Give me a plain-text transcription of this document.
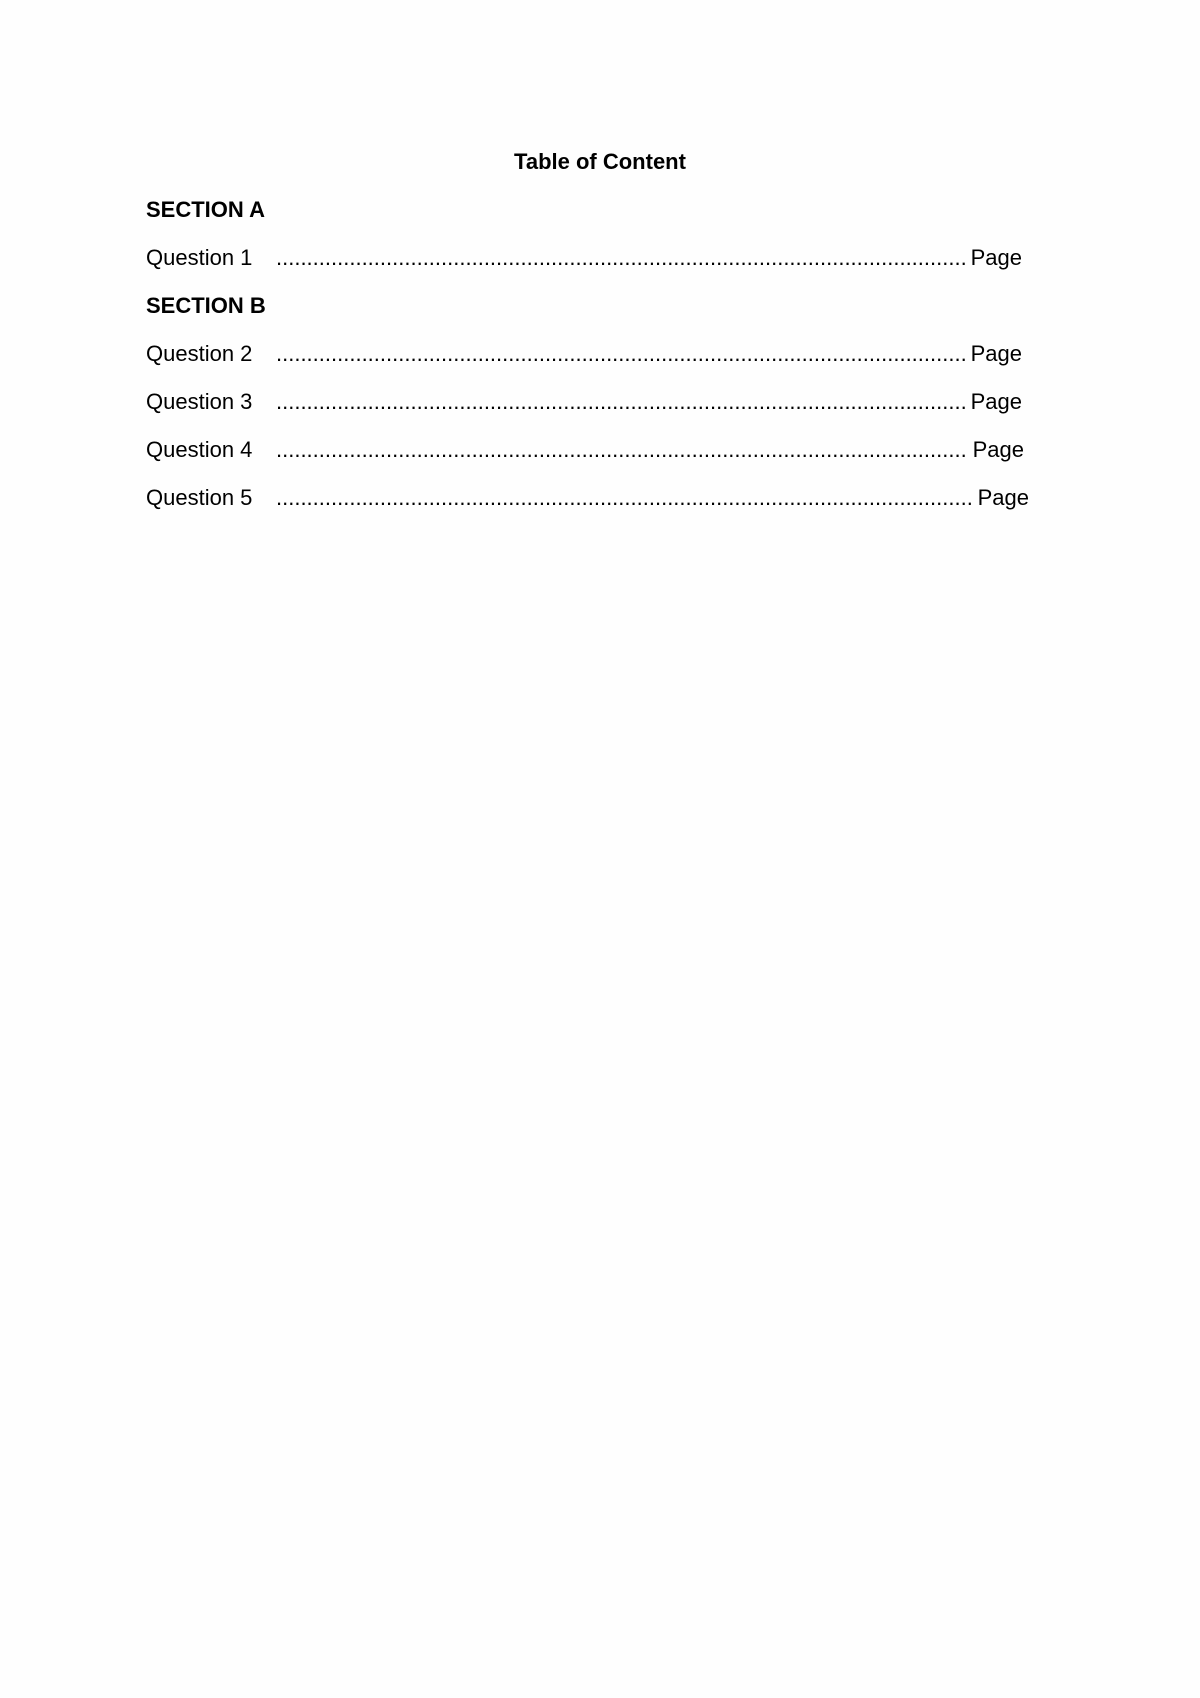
Table of Content
SECTION A
Question 1 .....	Page
SECTION B
Question 2 .....	Page
Question 3 .....	Page
Question 4 .....	Page
Question 5 .....	Page
